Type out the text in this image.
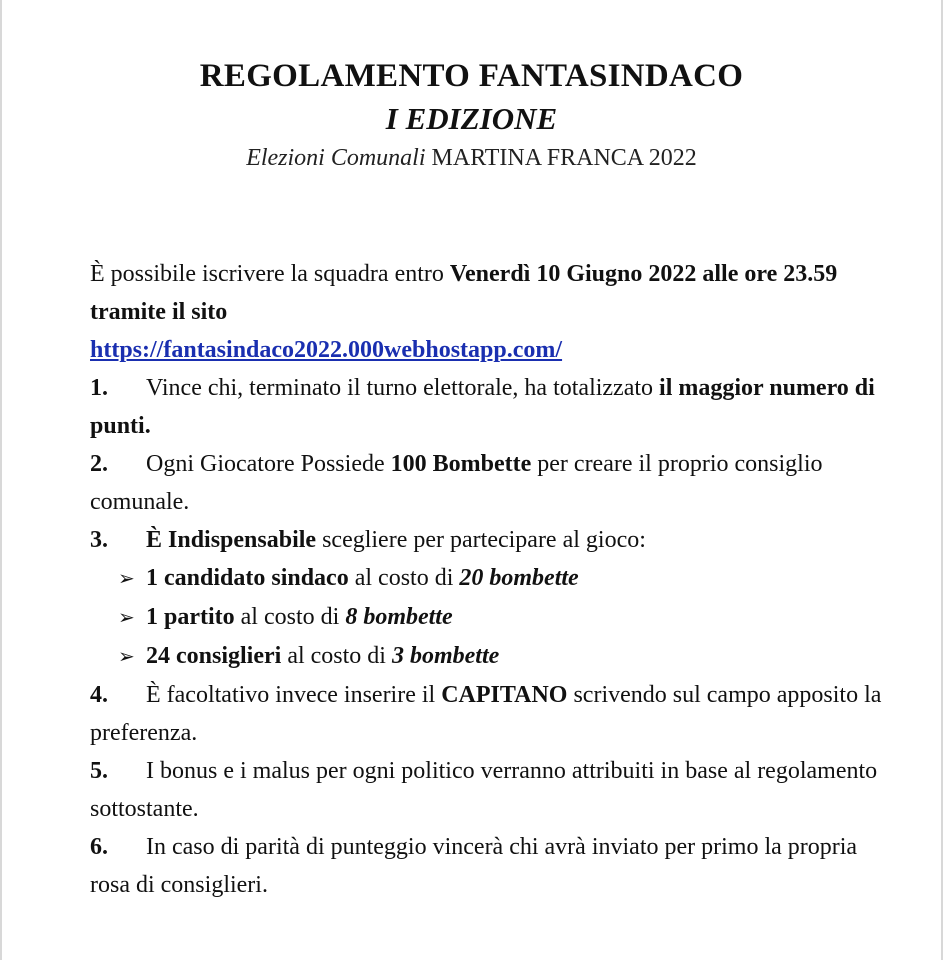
REGOLAMENTO FANTASINDACO
I EDIZIONE
Elezioni Comunali MARTINA FRANCA 2022

È possibile iscrivere la squadra entro Venerdì 10 Giugno 2022 alle ore 23.59 tramite il sito
https://fantasindaco2022.000webhostapp.com/

1. Vince chi, terminato il turno elettorale, ha totalizzato il maggior numero di punti.

2. Ogni Giocatore Possiede 100 Bombette per creare il proprio consiglio comunale.

3. È Indispensabile scegliere per partecipare al gioco:

➢ 1 candidato sindaco al costo di 20 bombette

➢ 1 partito al costo di 8 bombette

➢ 24 consiglieri al costo di 3 bombette

4. È facoltativo invece inserire il CAPITANO scrivendo sul campo apposito la preferenza.

5. I bonus e i malus per ogni politico verranno attribuiti in base al regolamento sottostante.

6. In caso di parità di punteggio vincerà chi avrà inviato per primo la propria rosa di consiglieri.
